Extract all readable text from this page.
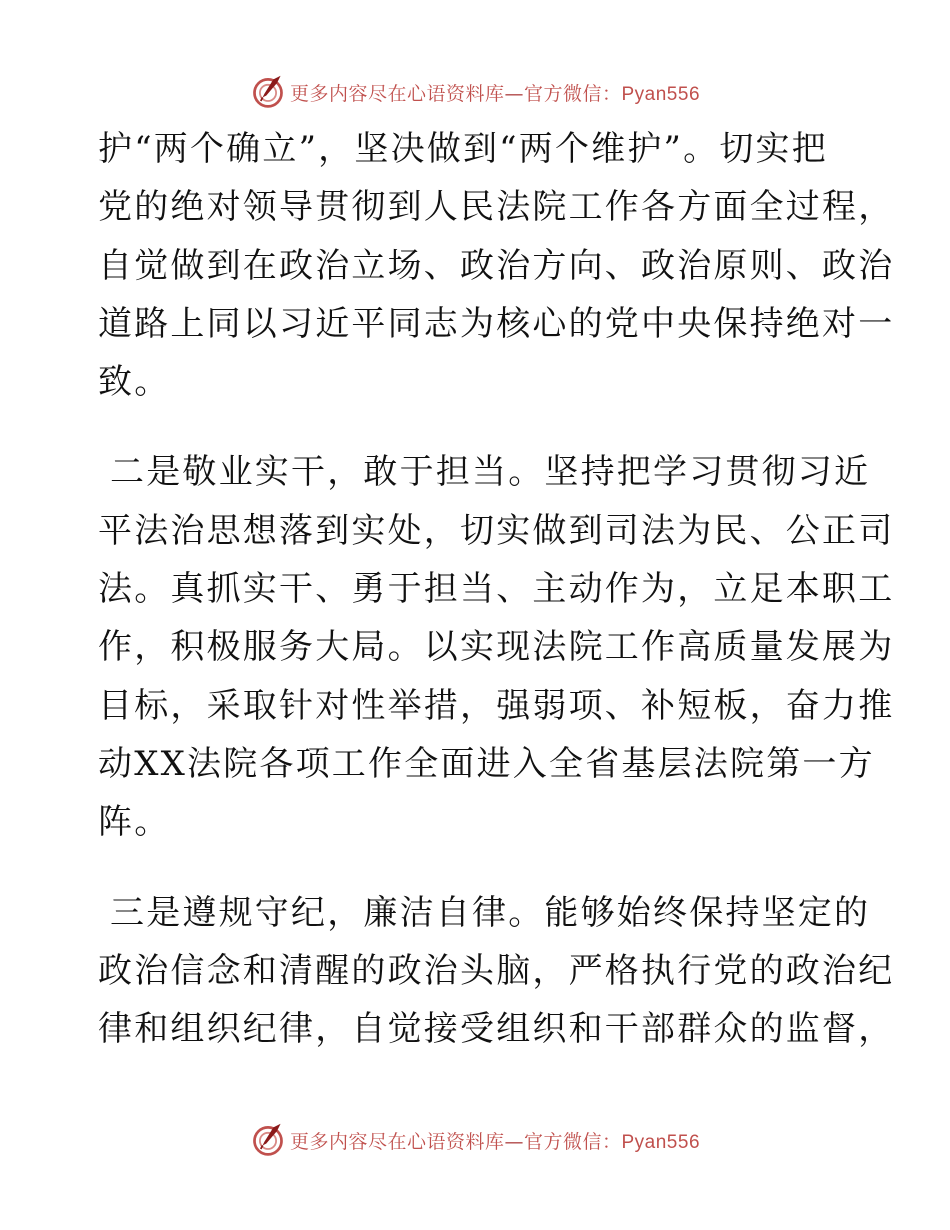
更多内容尽在心语资料库—官方微信：Pyan556

护“两个确立”，坚决做到“两个维护”。切实把
党的绝对领导贯彻到人民法院工作各方面全过程，
自觉做到在政治立场、政治方向、政治原则、政治
道路上同以习近平同志为核心的党中央保持绝对一
致。

二是敬业实干，敢于担当。坚持把学习贯彻习近
平法治思想落到实处，切实做到司法为民、公正司
法。真抓实干、勇于担当、主动作为，立足本职工
作，积极服务大局。以实现法院工作高质量发展为
目标，采取针对性举措，强弱项、补短板，奋力推
动XX法院各项工作全面进入全省基层法院第一方
阵。

三是遵规守纪，廉洁自律。能够始终保持坚定的
政治信念和清醒的政治头脑，严格执行党的政治纪
律和组织纪律，自觉接受组织和干部群众的监督，

更多内容尽在心语资料库—官方微信：Pyan556
